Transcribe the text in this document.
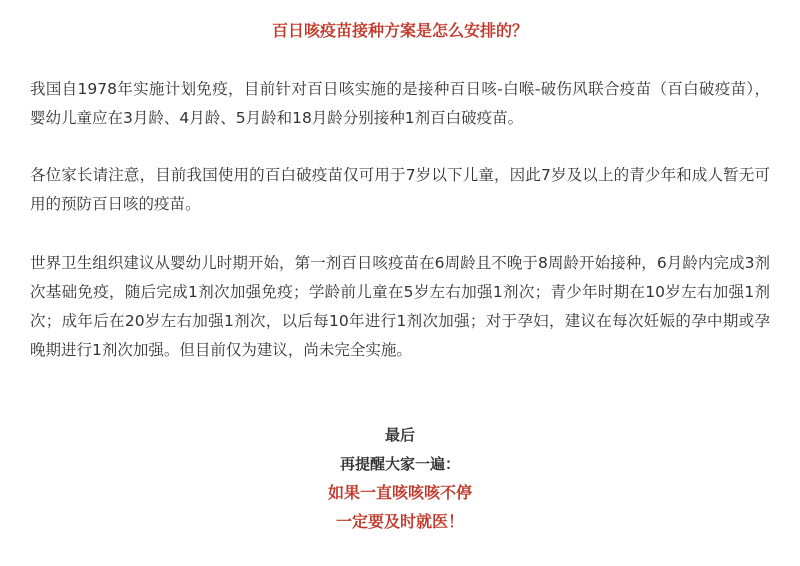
百日咳疫苗接种方案是怎么安排的？

我国自1978年实施计划免疫，目前针对百日咳实施的是接种百日咳-白喉-破伤风联合疫苗（百白破疫苗），婴幼儿童应在3月龄、4月龄、5月龄和18月龄分别接种1剂百白破疫苗。

各位家长请注意，目前我国使用的百白破疫苗仅可用于7岁以下儿童，因此7岁及以上的青少年和成人暂无可用的预防百日咳的疫苗。

世界卫生组织建议从婴幼儿时期开始，第一剂百日咳疫苗在6周龄且不晚于8周龄开始接种，6月龄内完成3剂次基础免疫，随后完成1剂次加强免疫；学龄前儿童在5岁左右加强1剂次；青少年时期在10岁左右加强1剂次；成年后在20岁左右加强1剂次，以后每10年进行1剂次加强；对于孕妇，建议在每次妊娠的孕中期或孕晚期进行1剂次加强。但目前仅为建议，尚未完全实施。

最后

再提醒大家一遍：

如果一直咳咳咳不停

一定要及时就医！
